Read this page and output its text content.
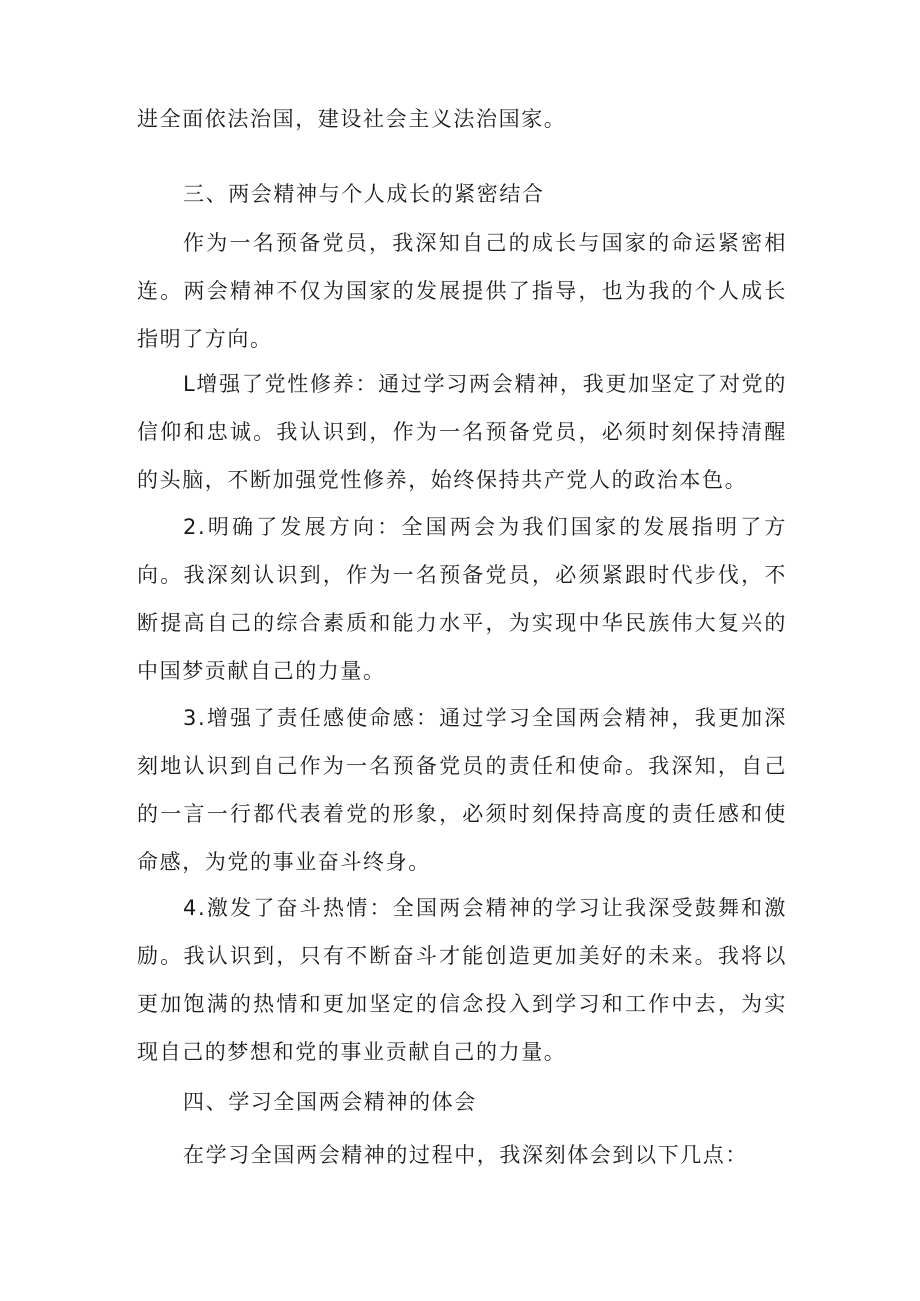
进全面依法治国，建设社会主义法治国家。

三、两会精神与个人成长的紧密结合

作为一名预备党员，我深知自己的成长与国家的命运紧密相连。两会精神不仅为国家的发展提供了指导，也为我的个人成长指明了方向。

L增强了党性修养：通过学习两会精神，我更加坚定了对党的信仰和忠诚。我认识到，作为一名预备党员，必须时刻保持清醒的头脑，不断加强党性修养，始终保持共产党人的政治本色。

2.明确了发展方向：全国两会为我们国家的发展指明了方向。我深刻认识到，作为一名预备党员，必须紧跟时代步伐，不断提高自己的综合素质和能力水平，为实现中华民族伟大复兴的中国梦贡献自己的力量。

3.增强了责任感使命感：通过学习全国两会精神，我更加深刻地认识到自己作为一名预备党员的责任和使命。我深知，自己的一言一行都代表着党的形象，必须时刻保持高度的责任感和使命感，为党的事业奋斗终身。

4.激发了奋斗热情：全国两会精神的学习让我深受鼓舞和激励。我认识到，只有不断奋斗才能创造更加美好的未来。我将以更加饱满的热情和更加坚定的信念投入到学习和工作中去，为实现自己的梦想和党的事业贡献自己的力量。

四、学习全国两会精神的体会

在学习全国两会精神的过程中，我深刻体会到以下几点：
